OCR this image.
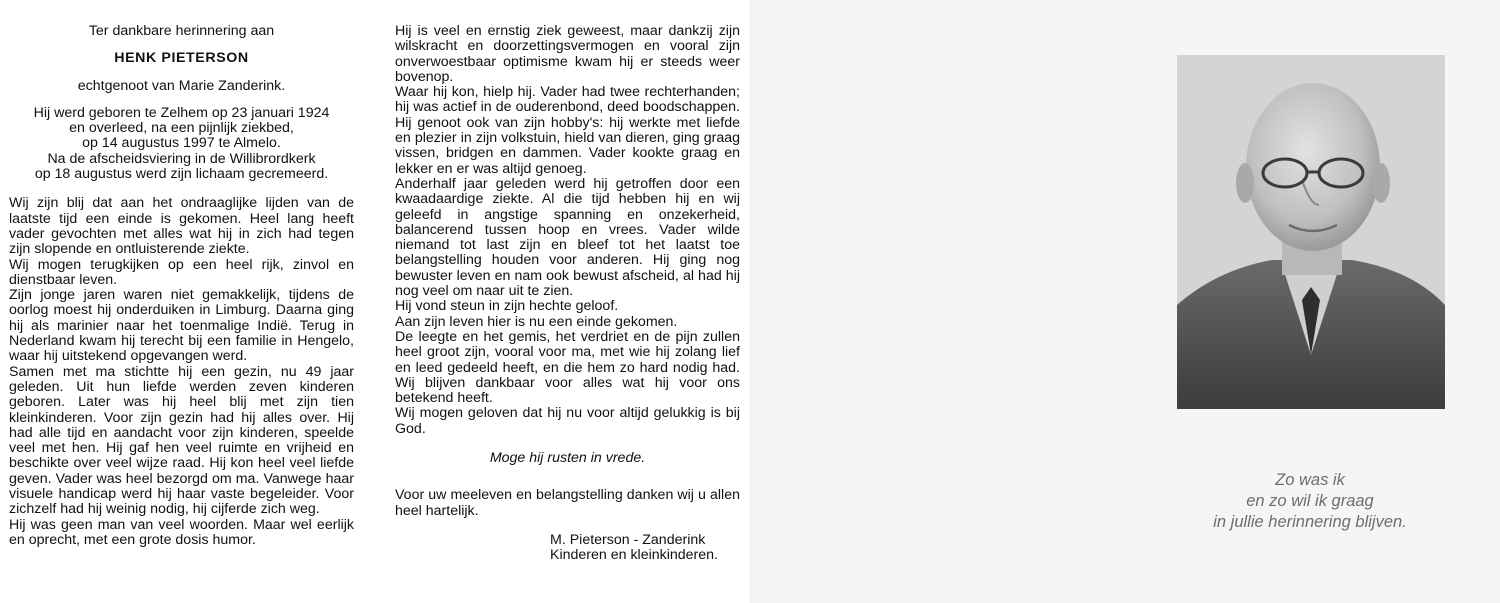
Ter dankbare herinnering aan
HENK PIETERSON
echtgenoot van Marie Zanderink.
Hij werd geboren te Zelhem op 23 januari 1924
en overleed, na een pijnlijk ziekbed,
op 14 augustus 1997 te Almelo.
Na de afscheidsviering in de Willibrordkerk
op 18 augustus werd zijn lichaam gecremeerd.

Wij zijn blij dat aan het ondraaglijke lijden van de laatste tijd een einde is gekomen. Heel lang heeft vader gevochten met alles wat hij in zich had tegen zijn slopende en ontluisterende ziekte.

Wij mogen terugkijken op een heel rijk, zinvol en dienstbaar leven.

Zijn jonge jaren waren niet gemakkelijk, tijdens de oorlog moest hij onderduiken in Limburg. Daarna ging hij als marinier naar het toenmalige Indië. Terug in Nederland kwam hij terecht bij een familie in Hengelo, waar hij uitstekend opgevangen werd.

Samen met ma stichtte hij een gezin, nu 49 jaar geleden. Uit hun liefde werden zeven kinderen geboren. Later was hij heel blij met zijn tien kleinkinderen. Voor zijn gezin had hij alles over. Hij had alle tijd en aandacht voor zijn kinderen, speelde veel met hen. Hij gaf hen veel ruimte en vrijheid en beschikte over veel wijze raad. Hij kon heel veel liefde geven. Vader was heel bezorgd om ma. Vanwege haar visuele handicap werd hij haar vaste begeleider. Voor zichzelf had hij weinig nodig, hij cijferde zich weg.

Hij was geen man van veel woorden. Maar wel eerlijk en oprecht, met een grote dosis humor.

Hij is veel en ernstig ziek geweest, maar dankzij zijn wilskracht en doorzettingsvermogen en vooral zijn onverwoestbaar optimisme kwam hij er steeds weer bovenop.

Waar hij kon, hielp hij. Vader had twee rechterhanden; hij was actief in de ouderenbond, deed boodschappen. Hij genoot ook van zijn hobby's: hij werkte met liefde en plezier in zijn volkstuin, hield van dieren, ging graag vissen, bridgen en dammen. Vader kookte graag en lekker en er was altijd genoeg.

Anderhalf jaar geleden werd hij getroffen door een kwaadaardige ziekte. Al die tijd hebben hij en wij geleefd in angstige spanning en onzekerheid, balancerend tussen hoop en vrees. Vader wilde niemand tot last zijn en bleef tot het laatst toe belangstelling houden voor anderen. Hij ging nog bewuster leven en nam ook bewust afscheid, al had hij nog veel om naar uit te zien.

Hij vond steun in zijn hechte geloof.

Aan zijn leven hier is nu een einde gekomen.

De leegte en het gemis, het verdriet en de pijn zullen heel groot zijn, vooral voor ma, met wie hij zolang lief en leed gedeeld heeft, en die hem zo hard nodig had. Wij blijven dankbaar voor alles wat hij voor ons betekend heeft.

Wij mogen geloven dat hij nu voor altijd gelukkig is bij God.

Moge hij rusten in vrede.

Voor uw meeleven en belangstelling danken wij u allen heel hartelijk.

M. Pieterson - Zanderink
Kinderen en kleinkinderen.
Zo was ik
en zo wil ik graag
in jullie herinnering blijven.
